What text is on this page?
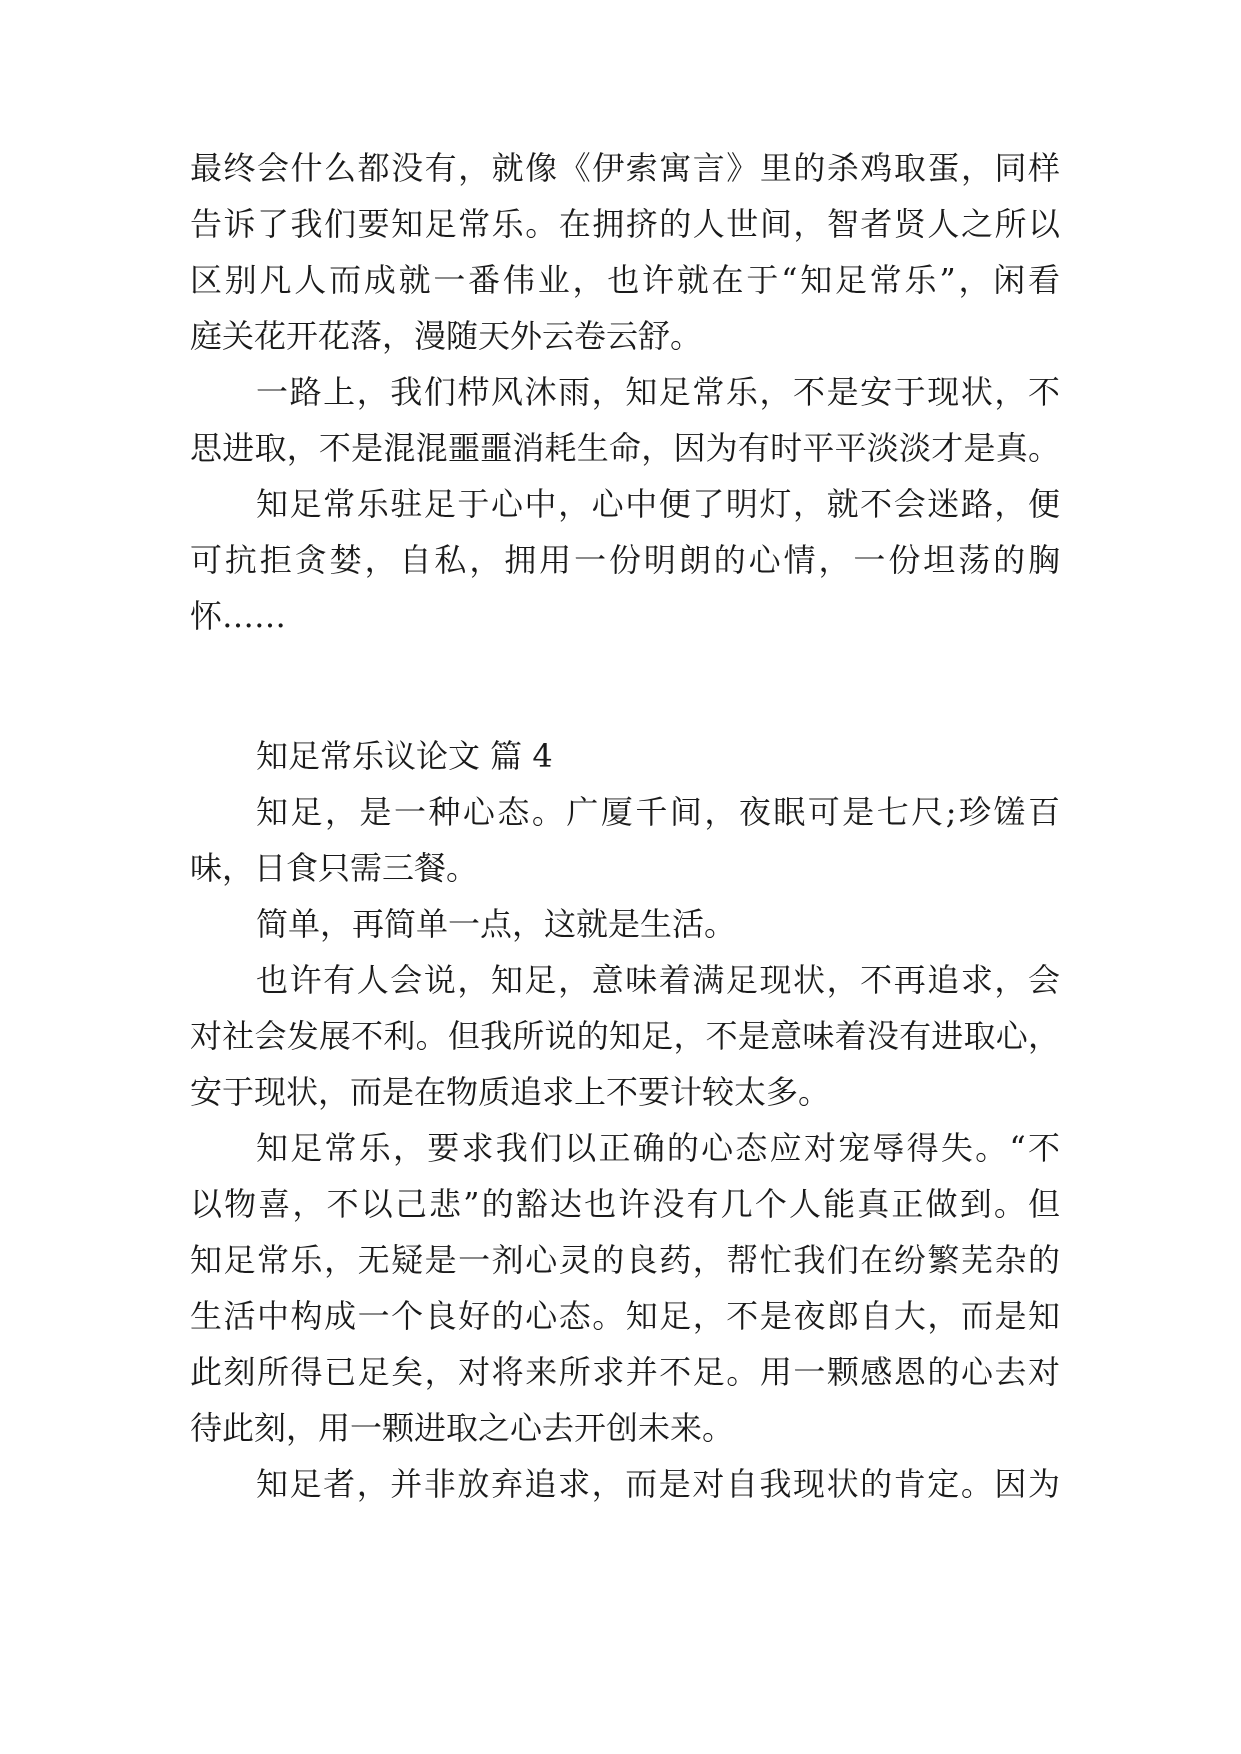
最终会什么都没有，就像《伊索寓言》里的杀鸡取蛋，同样
告诉了我们要知足常乐。在拥挤的人世间，智者贤人之所以
区别凡人而成就一番伟业，也许就在于“知足常乐”，闲看
庭关花开花落，漫随天外云卷云舒。
一路上，我们栉风沐雨，知足常乐，不是安于现状，不
思进取，不是混混噩噩消耗生命，因为有时平平淡淡才是真。
知足常乐驻足于心中，心中便了明灯，就不会迷路，便
可抗拒贪婪，自私，拥用一份明朗的心情，一份坦荡的胸
怀……
知足常乐议论文 篇 4
知足，是一种心态。广厦千间，夜眠可是七尺;珍馐百
味，日食只需三餐。
简单，再简单一点，这就是生活。
也许有人会说，知足，意味着满足现状，不再追求，会
对社会发展不利。但我所说的知足，不是意味着没有进取心，
安于现状，而是在物质追求上不要计较太多。
知足常乐，要求我们以正确的心态应对宠辱得失。“不
以物喜，不以己悲”的豁达也许没有几个人能真正做到。但
知足常乐，无疑是一剂心灵的良药，帮忙我们在纷繁芜杂的
生活中构成一个良好的心态。知足，不是夜郎自大，而是知
此刻所得已足矣，对将来所求并不足。用一颗感恩的心去对
待此刻，用一颗进取之心去开创未来。
知足者，并非放弃追求，而是对自我现状的肯定。因为
